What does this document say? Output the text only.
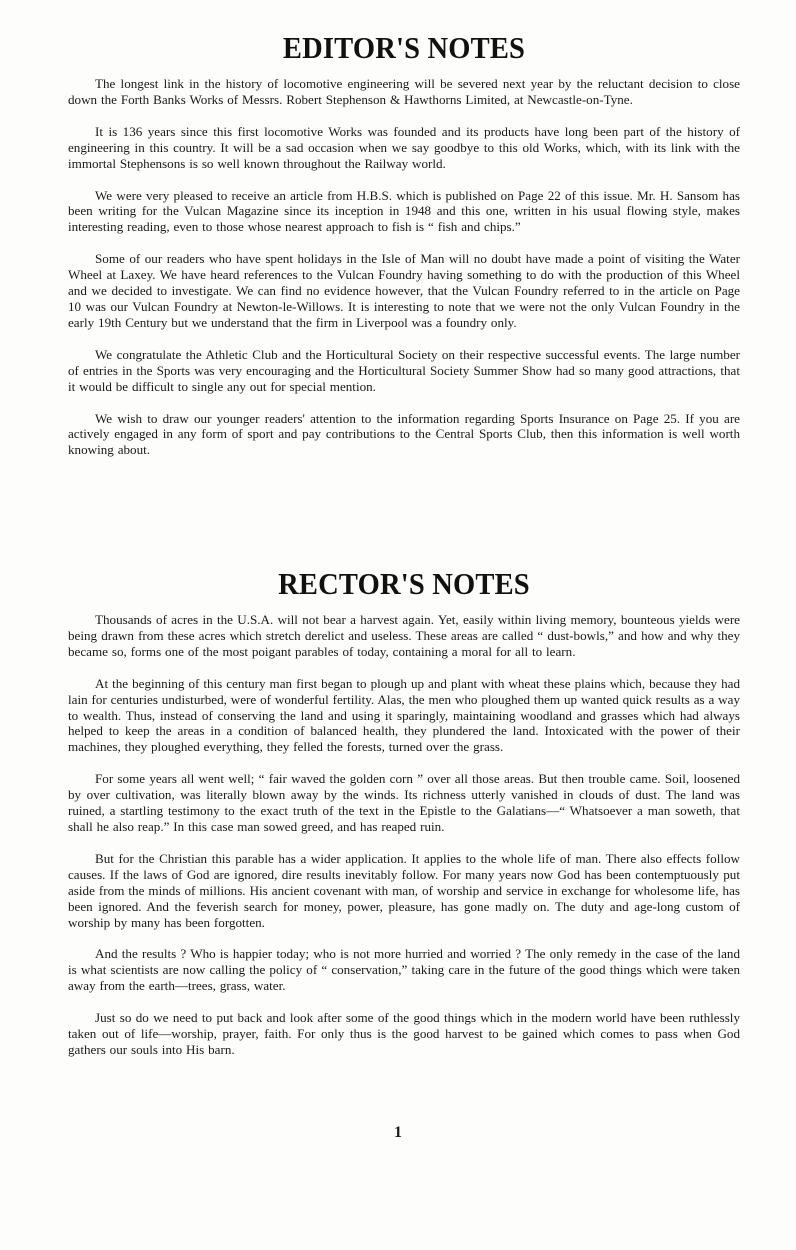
EDITOR'S NOTES

The longest link in the history of locomotive engineering will be severed next year by the reluctant decision to close down the Forth Banks Works of Messrs. Robert Stephenson & Hawthorns Limited, at Newcastle-on-Tyne.

It is 136 years since this first locomotive Works was founded and its products have long been part of the history of engineering in this country. It will be a sad occasion when we say goodbye to this old Works, which, with its link with the immortal Stephensons is so well known throughout the Railway world.

We were very pleased to receive an article from H.B.S. which is published on Page 22 of this issue. Mr. H. Sansom has been writing for the Vulcan Magazine since its inception in 1948 and this one, written in his usual flowing style, makes interesting reading, even to those whose nearest approach to fish is “ fish and chips.”

Some of our readers who have spent holidays in the Isle of Man will no doubt have made a point of visiting the Water Wheel at Laxey. We have heard references to the Vulcan Foundry having something to do with the production of this Wheel and we decided to investigate. We can find no evidence however, that the Vulcan Foundry referred to in the article on Page 10 was our Vulcan Foundry at Newton-le-Willows. It is interesting to note that we were not the only Vulcan Foundry in the early 19th Century but we understand that the firm in Liverpool was a foundry only.

We congratulate the Athletic Club and the Horticultural Society on their respective successful events. The large number of entries in the Sports was very encouraging and the Horticultural Society Summer Show had so many good attractions, that it would be difficult to single any out for special mention.

We wish to draw our younger readers' attention to the information regarding Sports Insurance on Page 25. If you are actively engaged in any form of sport and pay contributions to the Central Sports Club, then this information is well worth knowing about.

RECTOR'S NOTES

Thousands of acres in the U.S.A. will not bear a harvest again. Yet, easily within living memory, bounteous yields were being drawn from these acres which stretch derelict and useless. These areas are called “ dust-bowls,” and how and why they became so, forms one of the most poigant parables of today, containing a moral for all to learn.

At the beginning of this century man first began to plough up and plant with wheat these plains which, because they had lain for centuries undisturbed, were of wonderful fertility. Alas, the men who ploughed them up wanted quick results as a way to wealth. Thus, instead of conserving the land and using it sparingly, maintaining woodland and grasses which had always helped to keep the areas in a condition of balanced health, they plundered the land. Intoxicated with the power of their machines, they ploughed everything, they felled the forests, turned over the grass.

For some years all went well; “ fair waved the golden corn ” over all those areas. But then trouble came. Soil, loosened by over cultivation, was literally blown away by the winds. Its richness utterly vanished in clouds of dust. The land was ruined, a startling testimony to the exact truth of the text in the Epistle to the Galatians—“ Whatsoever a man soweth, that shall he also reap.” In this case man sowed greed, and has reaped ruin.

But for the Christian this parable has a wider application. It applies to the whole life of man. There also effects follow causes. If the laws of God are ignored, dire results inevitably follow. For many years now God has been contemptuously put aside from the minds of millions. His ancient covenant with man, of worship and service in exchange for wholesome life, has been ignored. And the feverish search for money, power, pleasure, has gone madly on. The duty and age-long custom of worship by many has been forgotten.

And the results ? Who is happier today; who is not more hurried and worried ? The only remedy in the case of the land is what scientists are now calling the policy of “ conservation,” taking care in the future of the good things which were taken away from the earth—trees, grass, water.

Just so do we need to put back and look after some of the good things which in the modern world have been ruthlessly taken out of life—worship, prayer, faith. For only thus is the good harvest to be gained which comes to pass when God gathers our souls into His barn.

1
